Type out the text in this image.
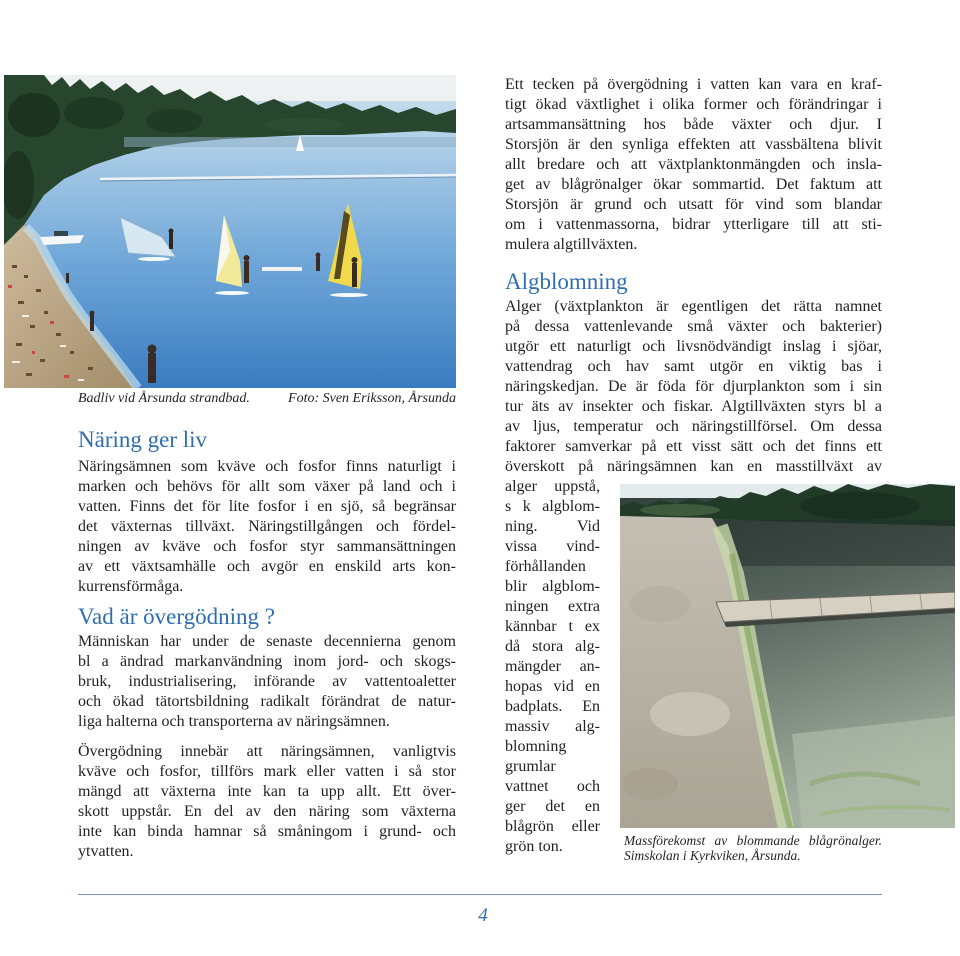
Badliv vid Årsunda strandbad.	Foto: Sven Eriksson, Årsunda
Näring ger liv
Näringsämnen som kväve och fosfor finns naturligt i
marken och behövs för allt som växer på land och i
vatten. Finns det för lite fosfor i en sjö, så begränsar
det växternas tillväxt. Näringstillgången och fördel-
ningen av kväve och fosfor styr sammansättningen
av ett växtsamhälle och avgör en enskild arts kon-
kurrensförmåga.
Vad är övergödning ?
Människan har under de senaste decennierna genom
bl a ändrad markanvändning inom jord- och skogs-
bruk, industrialisering, införande av vattentoaletter
och ökad tätortsbildning radikalt förändrat de natur-
liga halterna och transporterna av näringsämnen.
Övergödning innebär att näringsämnen, vanligtvis
kväve och fosfor, tillförs mark eller vatten i så stor
mängd att växterna inte kan ta upp allt. Ett över-
skott uppstår. En del av den näring som växterna
inte kan binda hamnar så småningom i grund- och
ytvatten.
Ett tecken på övergödning i vatten kan vara en kraf-
tigt ökad växtlighet i olika former och förändringar i
artsammansättning hos både växter och djur. I
Storsjön är den synliga effekten att vassbältena blivit
allt bredare och att växtplanktonmängden och insla-
get av blågrönalger ökar sommartid. Det faktum att
Storsjön är grund och utsatt för vind som blandar
om i vattenmassorna, bidrar ytterligare till att sti-
mulera algtillväxten.
Algblomning
Alger (växtplankton är egentligen det rätta namnet
på dessa vattenlevande små växter och bakterier)
utgör ett naturligt och livsnödvändigt inslag i sjöar,
vattendrag och hav samt utgör en viktig bas i
näringskedjan. De är föda för djurplankton som i sin
tur äts av insekter och fiskar. Algtillväxten styrs bl a
av ljus, temperatur och näringstillförsel. Om dessa
faktorer samverkar på ett visst sätt och det finns ett
överskott på näringsämnen kan en masstillväxt av
alger uppstå,
s k algblom-
ning. Vid
vissa vind-
förhållanden
blir algblom-
ningen extra
kännbar t ex
då stora alg-
mängder an-
hopas vid en
badplats. En
massiv alg-
blomning
grumlar
vattnet och
ger det en
blågrön eller
grön ton.	Massförekomst av blommande blågrönalger.
Simskolan i Kyrkviken, Årsunda.
4
